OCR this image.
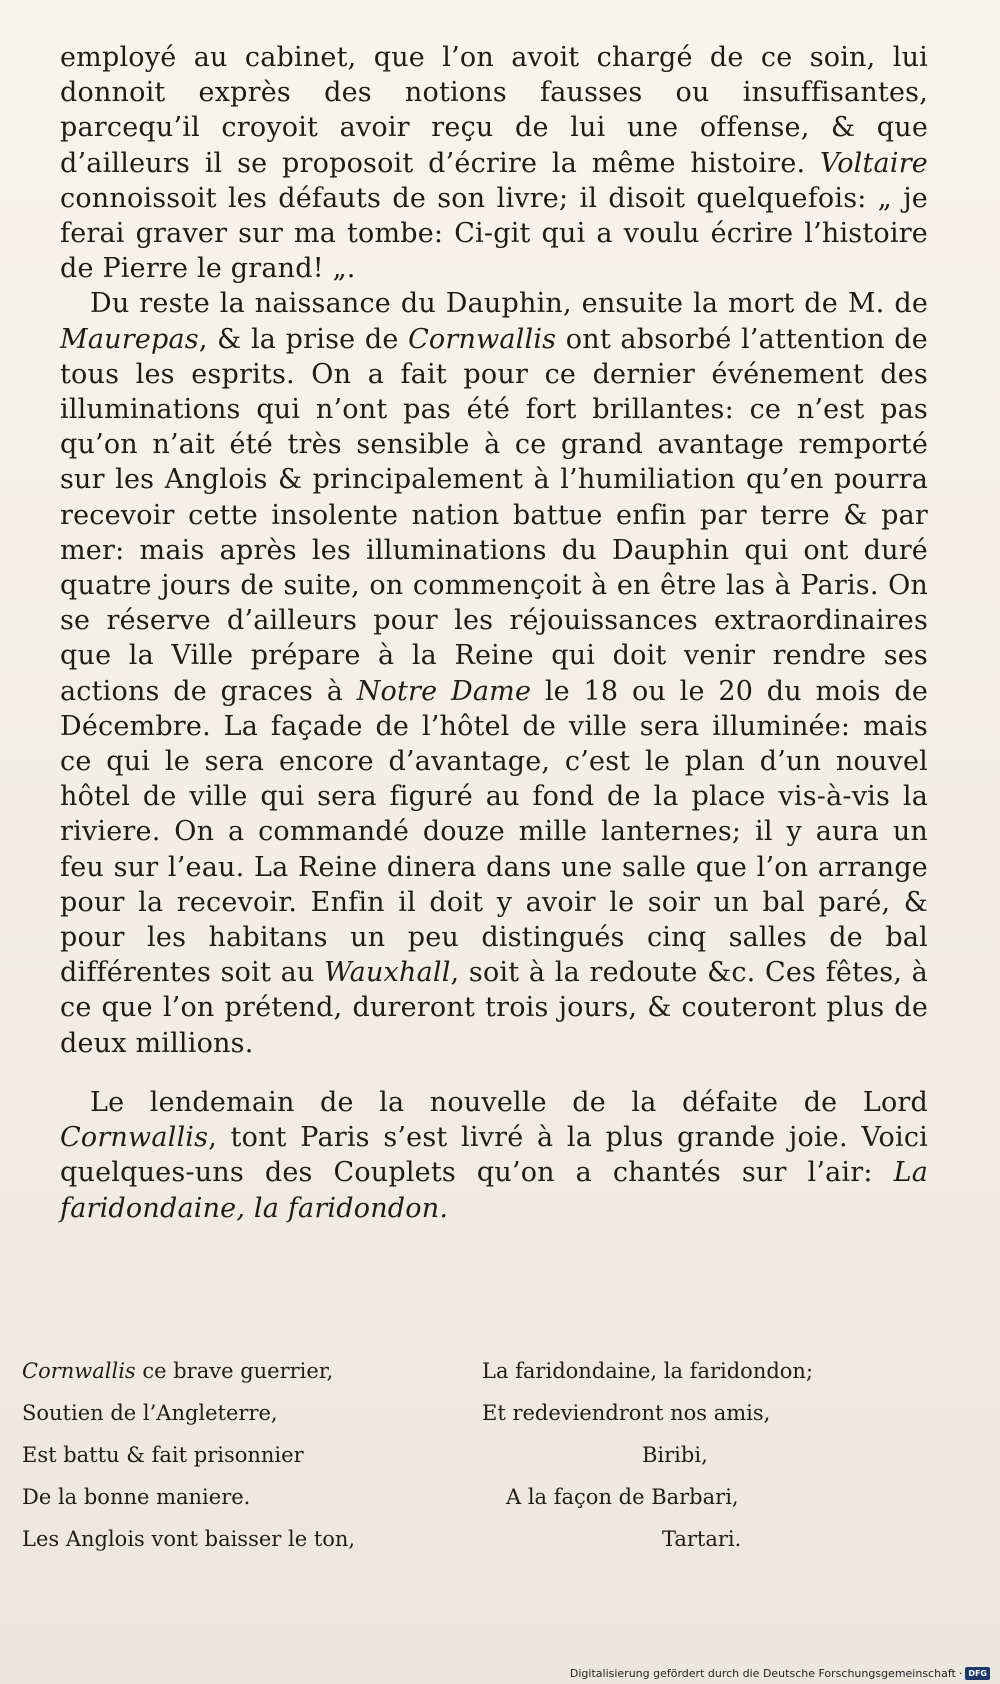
employé au cabinet, que l’on avoit chargé de ce soin, lui donnoit exprès des notions fausses ou insuffisantes, parcequ’il croyoit avoir reçu de lui une offense, & que d’ailleurs il se proposoit d’écrire la même histoire. Voltaire connoissoit les défauts de son livre; il disoit quelquefois: „ je ferai graver sur ma tombe: Ci-git qui a voulu écrire l’histoire de Pierre le grand! „.

Du reste la naissance du Dauphin, ensuite la mort de M. de Maurepas, & la prise de Cornwallis ont absorbé l’attention de tous les esprits. On a fait pour ce dernier événement des illuminations qui n’ont pas été fort brillantes: ce n’est pas qu’on n’ait été très sensible à ce grand avantage remporté sur les Anglois & principalement à l’humiliation qu’en pourra recevoir cette insolente nation battue enfin par terre & par mer: mais après les illuminations du Dauphin qui ont duré quatre jours de suite, on commençoit à en être las à Paris. On se réserve d’ailleurs pour les réjouissances extraordinaires que la Ville prépare à la Reine qui doit venir rendre ses actions de graces à Notre Dame le 18 ou le 20 du mois de Décembre. La façade de l’hôtel de ville sera illuminée: mais ce qui le sera encore d’avantage, c’est le plan d’un nouvel hôtel de ville qui sera figuré au fond de la place vis-à-vis la riviere. On a commandé douze mille lanternes; il y aura un feu sur l’eau. La Reine dinera dans une salle que l’on arrange pour la recevoir. Enfin il doit y avoir le soir un bal paré, & pour les habitans un peu distingués cinq salles de bal différentes soit au Wauxhall, soit à la redoute &c. Ces fêtes, à ce que l’on prétend, dureront trois jours, & couteront plus de deux millions.

Le lendemain de la nouvelle de la défaite de Lord Cornwallis, tont Paris s’est livré à la plus grande joie. Voici quelques-uns des Couplets qu’on a chantés sur l’air: La faridondaine, la faridondon.

Cornwallis ce brave guerrier,
Soutien de l’Angleterre,
Est battu & fait prisonnier
De la bonne maniere.
Les Anglois vont baisser le ton,
La faridondaine, la faridondon;
Et redeviendront nos amis,
Biribi,
A la façon de Barbari,
Tartari.
Digitalisierung gefördert durch die Deutsche Forschungsgemeinschaft · DFG
